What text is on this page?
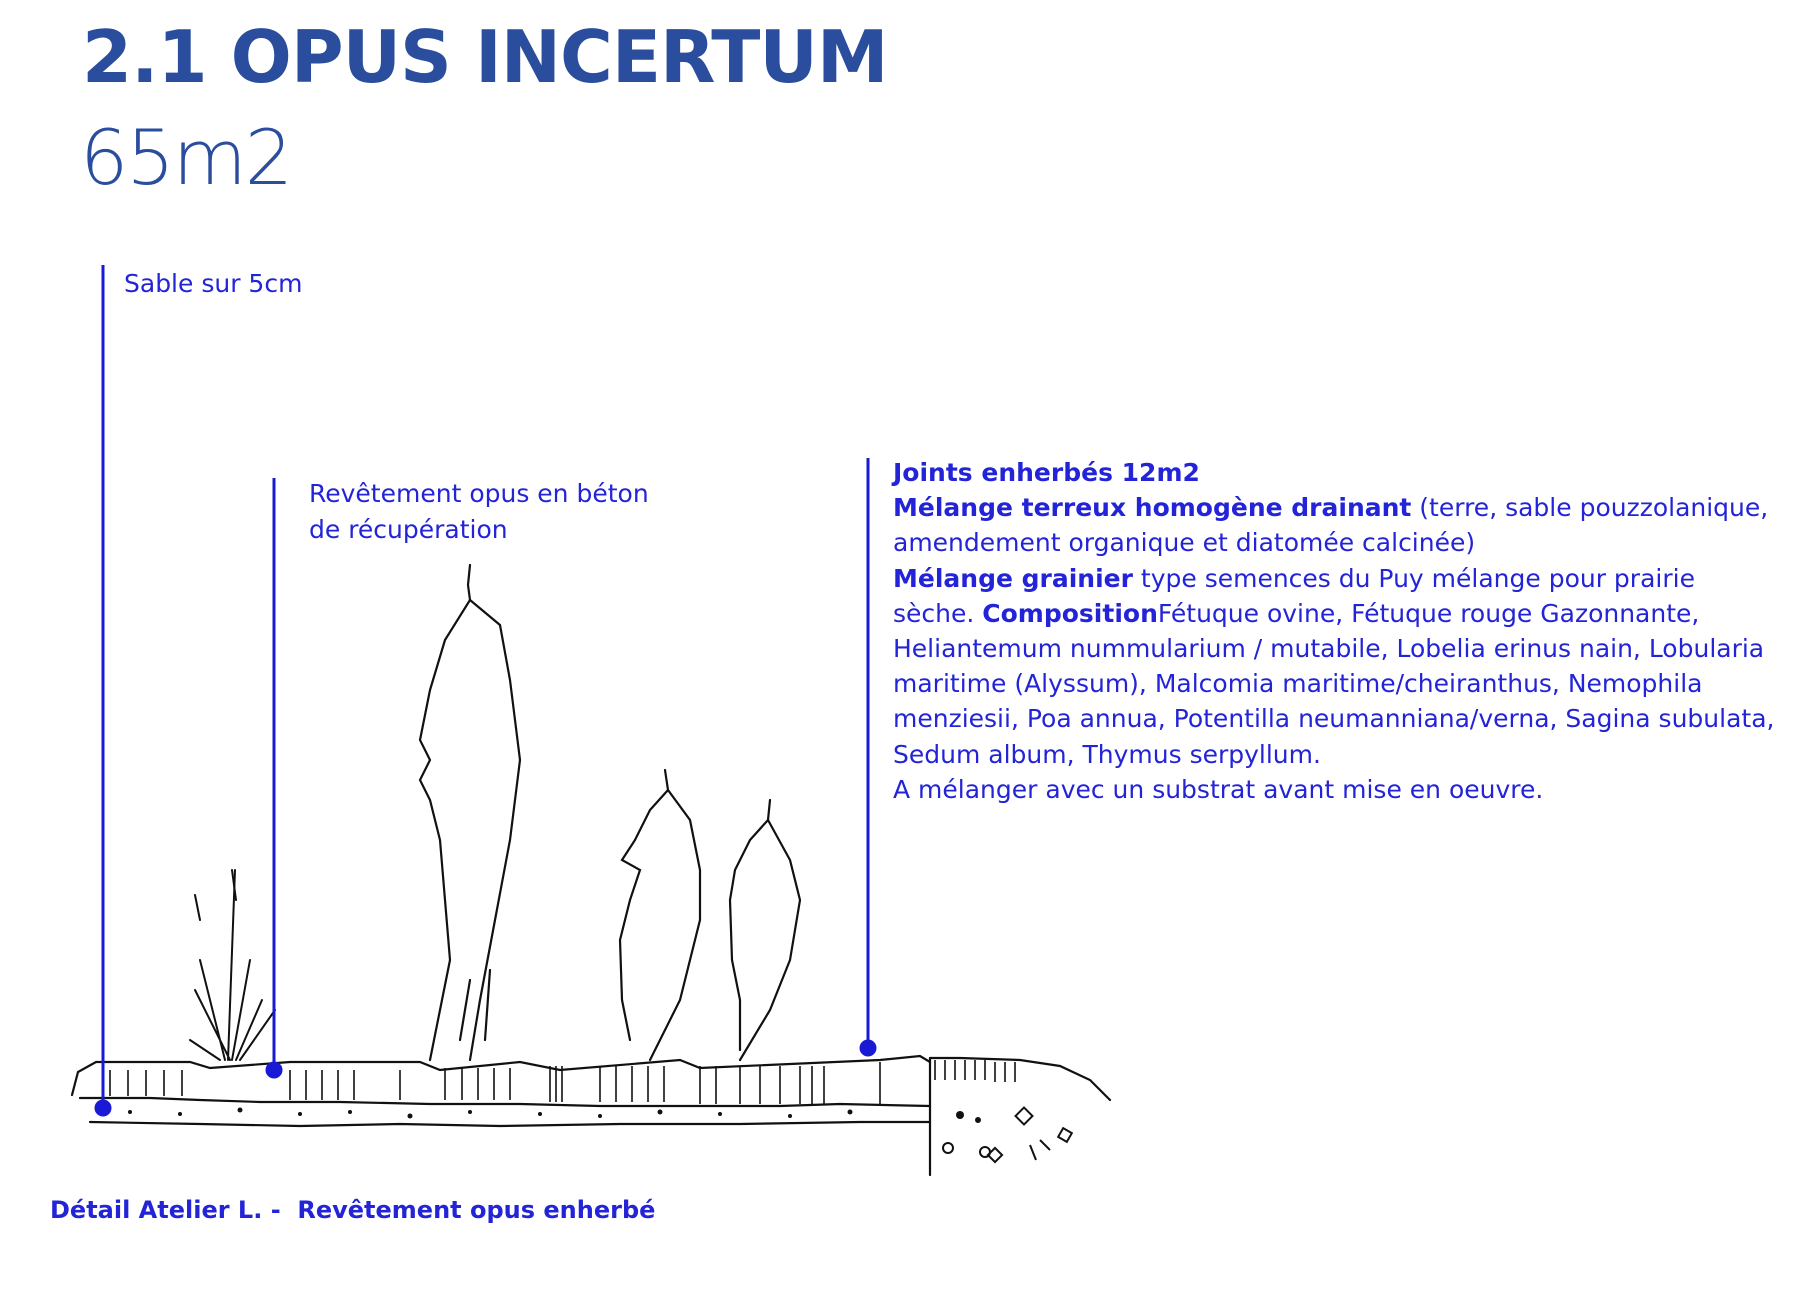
2.1 OPUS INCERTUM
65m2
Sable sur 5cm
Revêtement opus en béton
de récupération
Joints enherbés 12m2
Mélange terreux homogène drainant (terre, sable pouzzolanique, amendement organique et diatomée calcinée)
Mélange grainier type semences du Puy mélange pour prairie sèche. CompositionFétuque ovine, Fétuque rouge Gazonnante, Heliantemum nummularium / mutabile, Lobelia erinus nain, Lobularia maritime (Alyssum), Malcomia maritime/cheiranthus, Nemophila menziesii, Poa annua, Potentilla neumanniana/verna, Sagina subulata, Sedum album, Thymus serpyllum.
A mélanger avec un substrat avant mise en oeuvre.
Détail Atelier L. -  Revêtement opus enherbé
